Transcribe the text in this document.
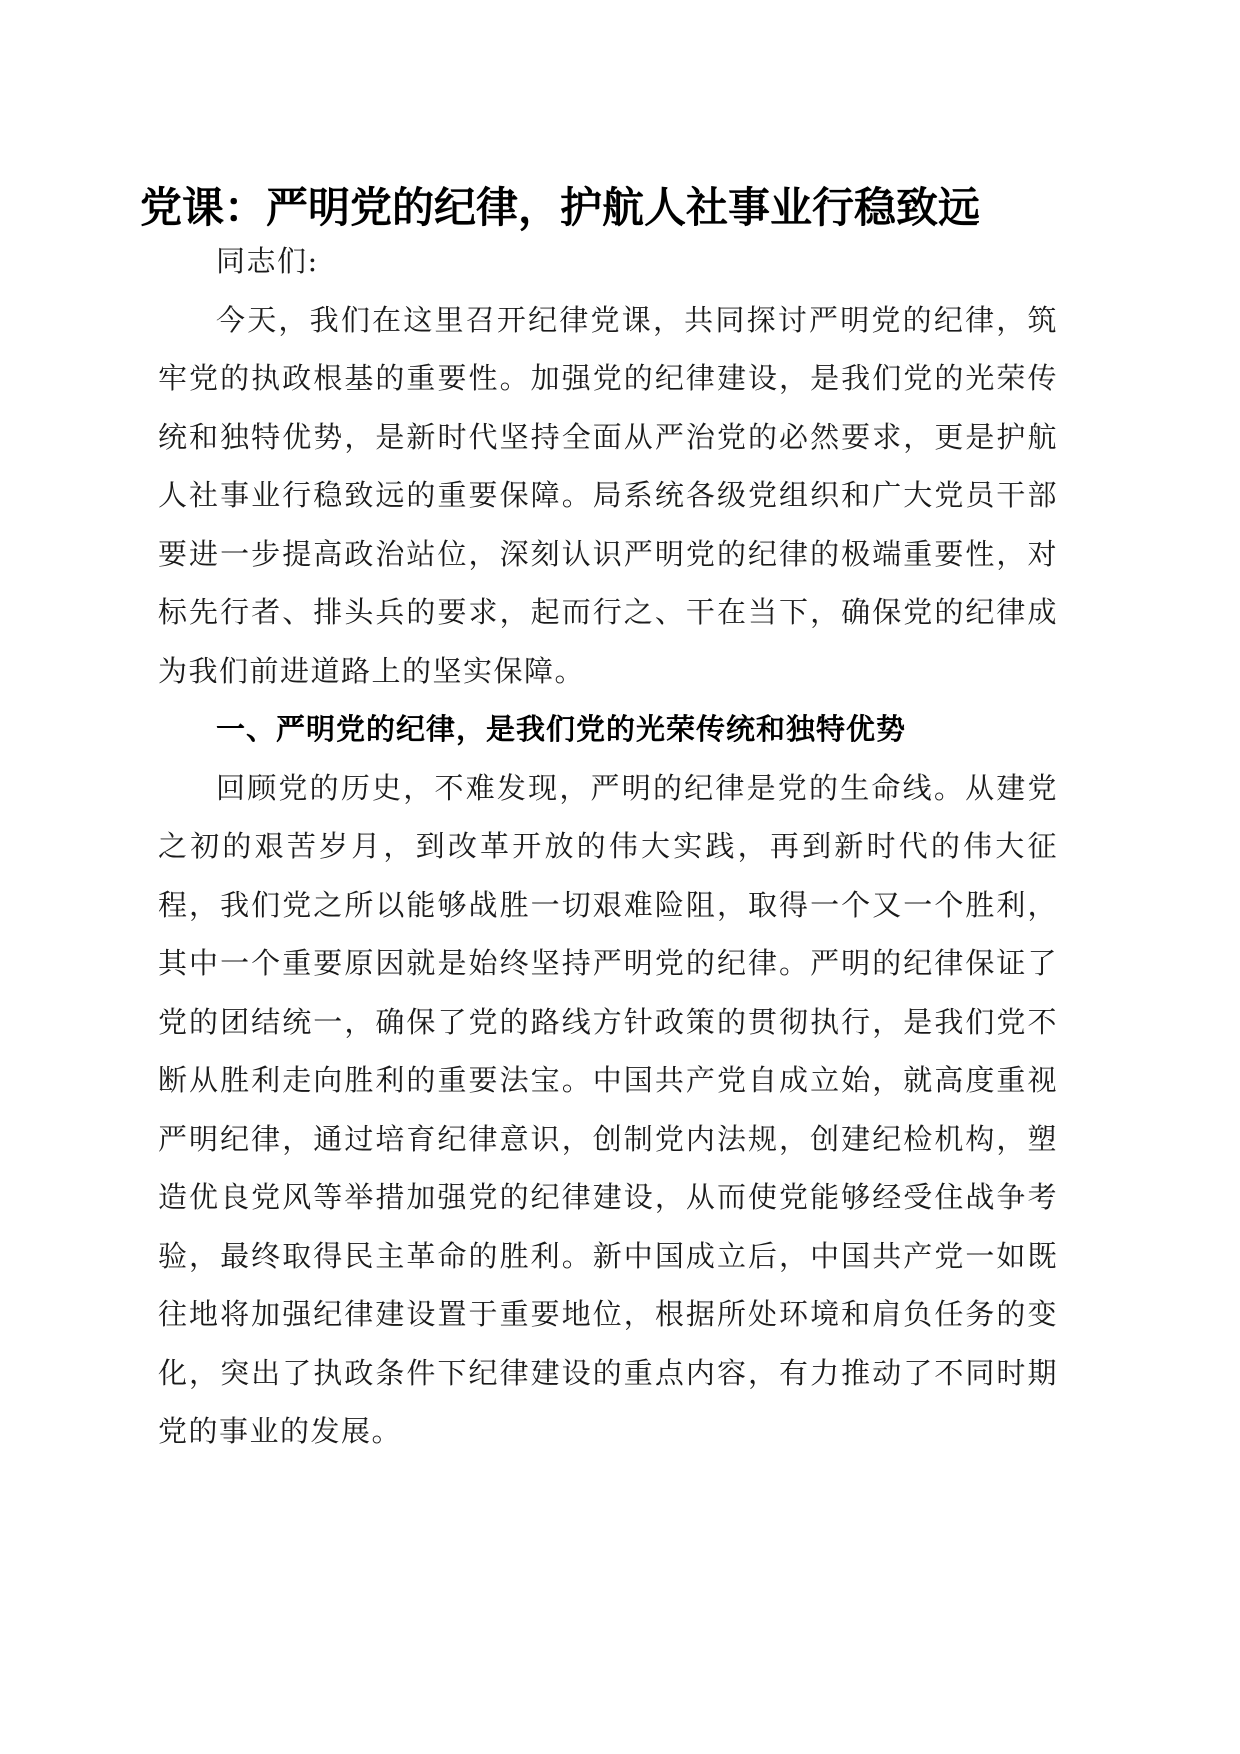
党课：严明党的纪律，护航人社事业行稳致远

同志们:

今天，我们在这里召开纪律党课，共同探讨严明党的纪律，筑牢党的执政根基的重要性。加强党的纪律建设，是我们党的光荣传统和独特优势，是新时代坚持全面从严治党的必然要求，更是护航人社事业行稳致远的重要保障。局系统各级党组织和广大党员干部要进一步提高政治站位，深刻认识严明党的纪律的极端重要性，对标先行者、排头兵的要求，起而行之、干在当下，确保党的纪律成为我们前进道路上的坚实保障。

一、严明党的纪律，是我们党的光荣传统和独特优势

回顾党的历史，不难发现，严明的纪律是党的生命线。从建党之初的艰苦岁月，到改革开放的伟大实践，再到新时代的伟大征程，我们党之所以能够战胜一切艰难险阻，取得一个又一个胜利，其中一个重要原因就是始终坚持严明党的纪律。严明的纪律保证了党的团结统一，确保了党的路线方针政策的贯彻执行，是我们党不断从胜利走向胜利的重要法宝。中国共产党自成立始，就高度重视严明纪律，通过培育纪律意识，创制党内法规，创建纪检机构，塑造优良党风等举措加强党的纪律建设，从而使党能够经受住战争考验，最终取得民主革命的胜利。新中国成立后，中国共产党一如既往地将加强纪律建设置于重要地位，根据所处环境和肩负任务的变化，突出了执政条件下纪律建设的重点内容，有力推动了不同时期党的事业的发展。
